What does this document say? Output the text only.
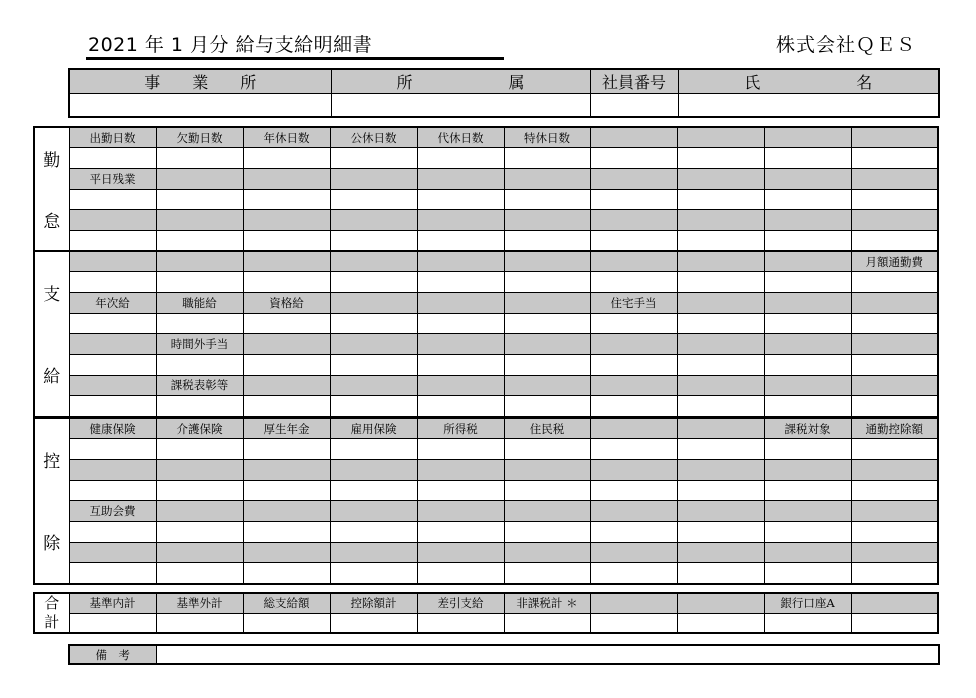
2021 年 1 月分 給与支給明細書	株式会社ＱＥＳ
事　　業　　所	所　　　　　　属	社員番号	氏　　　　　　名

勤
怠	出勤日数	欠勤日数	年休日数	公休日数	代休日数	特休日数				

	平日残業									

支
給										月額通勤費

	年次給	職能給	資格給				住宅手当			

		時間外手当								

		課税表彰等								

控
除	健康保険	介護保険	厚生年金	雇用保険	所得税	住民税			課税対象	通勤控除額

	互助会費									

合
計	基準内計	基準外計	総支給額	控除額計	差引支給	非課税計 ＊			銀行口座A	

備　考	
